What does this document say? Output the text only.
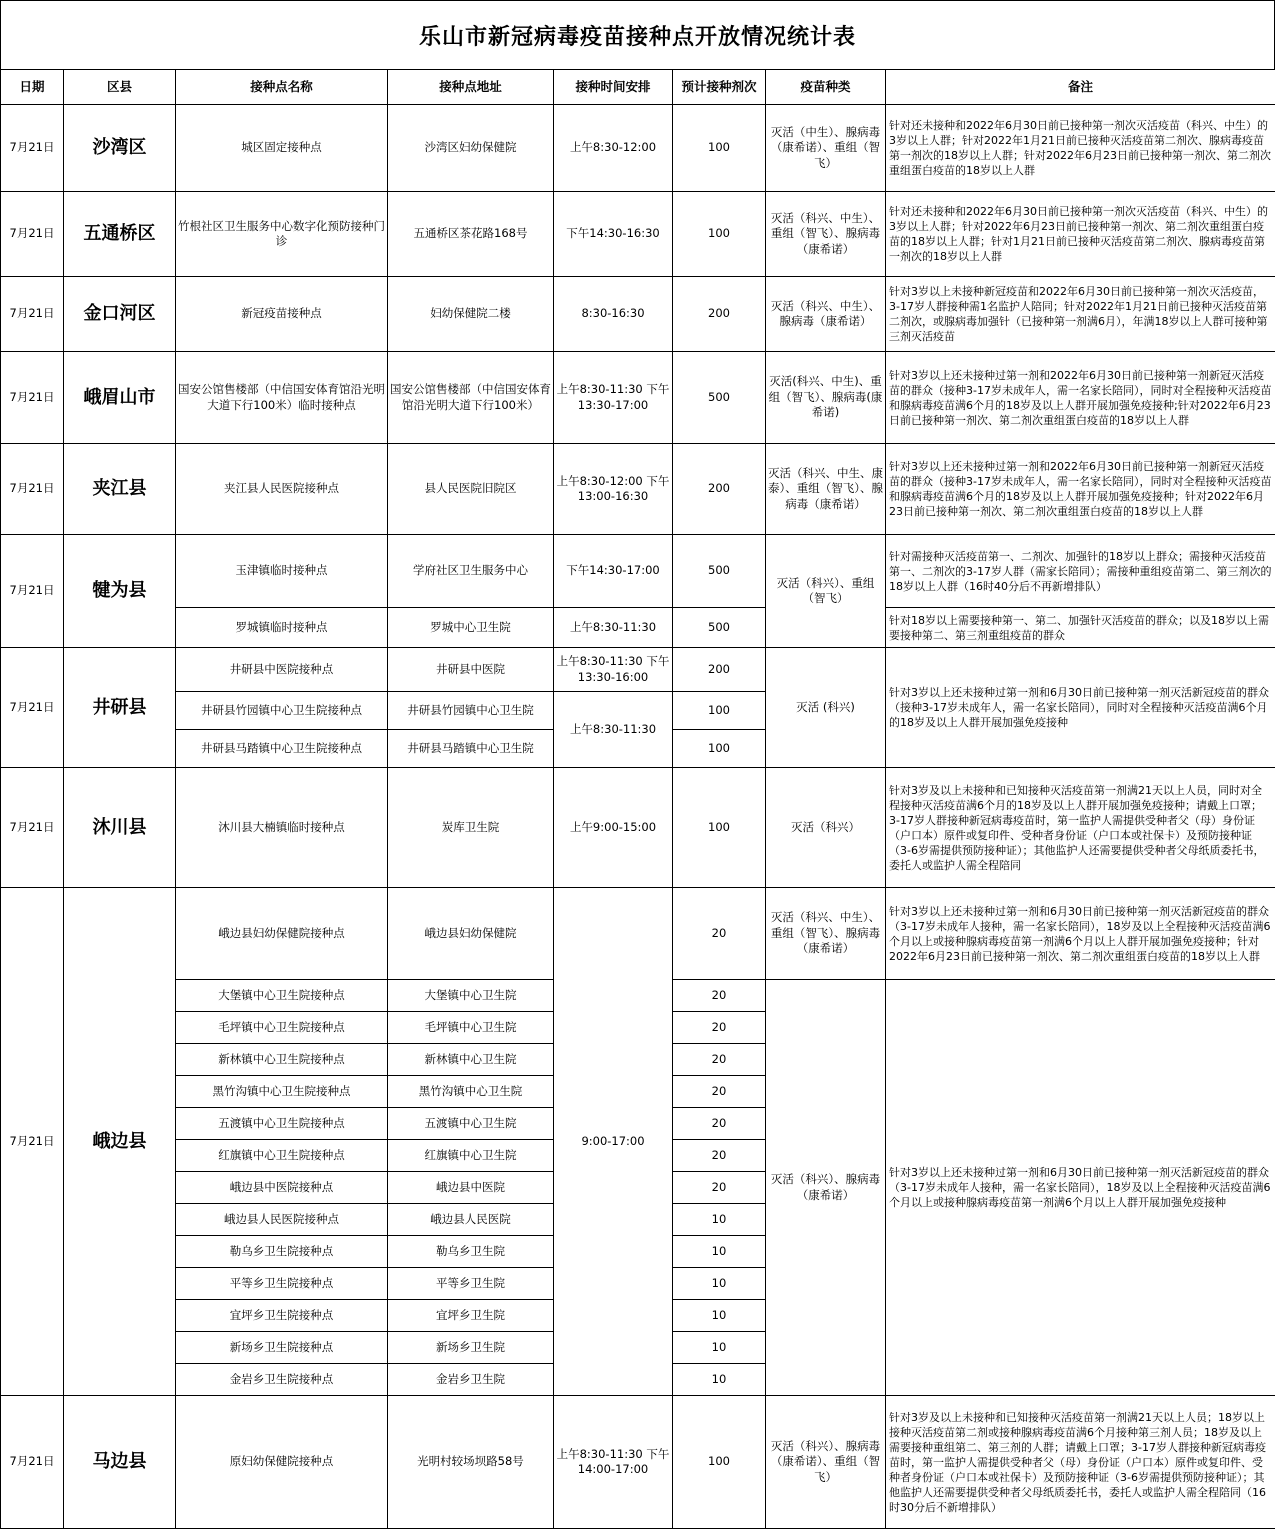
乐山市新冠病毒疫苗接种点开放情况统计表
日期	区县	接种点名称	接种点地址	接种时间安排	预计接种剂次	疫苗种类	备注
7月21日	沙湾区	城区固定接种点	沙湾区妇幼保健院	上午8:30-12:00	100	灭活（中生）、腺病毒（康希诺）、重组（智飞）	针对还未接种和2022年6月30日前已接种第一剂次灭活疫苗（科兴、中生）的3岁以上人群；针对2022年1月21日前已接种灭活疫苗第二剂次、腺病毒疫苗第一剂次的18岁以上人群；针对2022年6月23日前已接种第一剂次、第二剂次重组蛋白疫苗的18岁以上人群
7月21日	五通桥区	竹根社区卫生服务中心数字化预防接种门诊	五通桥区茶花路168号	下午14:30-16:30	100	灭活（科兴、中生）、重组（智飞）、腺病毒（康希诺）	针对还未接种和2022年6月30日前已接种第一剂次灭活疫苗（科兴、中生）的3岁以上人群；针对2022年6月23日前已接种第一剂次、第二剂次重组蛋白疫苗的18岁以上人群；针对1月21日前已接种灭活疫苗第二剂次、腺病毒疫苗第一剂次的18岁以上人群
7月21日	金口河区	新冠疫苗接种点	妇幼保健院二楼	8:30-16:30	200	灭活（科兴、中生）、腺病毒（康希诺）	针对3岁以上未接种新冠疫苗和2022年6月30日前已接种第一剂次灭活疫苗，3-17岁人群接种需1名监护人陪同；针对2022年1月21日前已接种灭活疫苗第二剂次，或腺病毒加强针（已接种第一剂满6月），年满18岁以上人群可接种第三剂灭活疫苗
7月21日	峨眉山市	国安公馆售楼部（中信国安体育馆沿光明大道下行100米）临时接种点	国安公馆售楼部（中信国安体育馆沿光明大道下行100米）	上午8:30-11:30 下午13:30-17:00	500	灭活(科兴、中生)、重组（智飞）、腺病毒(康希诺)	针对3岁以上还未接种过第一剂和2022年6月30日前已接种第一剂新冠灭活疫苗的群众（接种3-17岁未成年人，需一名家长陪同），同时对全程接种灭活疫苗和腺病毒疫苗满6个月的18岁及以上人群开展加强免疫接种;针对2022年6月23日前已接种第一剂次、第二剂次重组蛋白疫苗的18岁以上人群
7月21日	夹江县	夹江县人民医院接种点	县人民医院旧院区	上午8:30-12:00 下午13:00-16:30	200	灭活（科兴、中生、康泰）、重组（智飞）、腺病毒（康希诺）	针对3岁以上还未接种过第一剂和2022年6月30日前已接种第一剂新冠灭活疫苗的群众（接种3-17岁未成年人，需一名家长陪同），同时对全程接种灭活疫苗和腺病毒疫苗满6个月的18岁及以上人群开展加强免疫接种；针对2022年6月23日前已接种第一剂次、第二剂次重组蛋白疫苗的18岁以上人群
7月21日	犍为县	玉津镇临时接种点	学府社区卫生服务中心	下午14:30-17:00	500	灭活（科兴）、重组（智飞）	针对需接种灭活疫苗第一、二剂次、加强针的18岁以上群众；需接种灭活疫苗第一、二剂次的3-17岁人群（需家长陪同）；需接种重组疫苗第二、第三剂次的18岁以上人群（16时40分后不再新增排队）
		罗城镇临时接种点	罗城中心卫生院	上午8:30-11:30	500		针对18岁以上需要接种第一、第二、加强针灭活疫苗的群众；以及18岁以上需要接种第二、第三剂重组疫苗的群众
7月21日	井研县	井研县中医院接种点	井研县中医院	上午8:30-11:30 下午13:30-16:00	200	灭活 (科兴)	针对3岁以上还未接种过第一剂和6月30日前已接种第一剂灭活新冠疫苗的群众（接种3-17岁未成年人，需一名家长陪同），同时对全程接种灭活疫苗满6个月的18岁及以上人群开展加强免疫接种
		井研县竹园镇中心卫生院接种点	井研县竹园镇中心卫生院	上午8:30-11:30	100		
		井研县马踏镇中心卫生院接种点	井研县马踏镇中心卫生院		100		
7月21日	沐川县	沐川县大楠镇临时接种点	炭库卫生院	上午9:00-15:00	100	灭活（科兴）	针对3岁及以上未接种和已知接种灭活疫苗第一剂满21天以上人员，同时对全程接种灭活疫苗满6个月的18岁及以上人群开展加强免疫接种；请戴上口罩；3-17岁人群接种新冠病毒疫苗时，第一监护人需提供受种者父（母）身份证（户口本）原件或复印件、受种者身份证（户口本或社保卡）及预防接种证（3-6岁需提供预防接种证）；其他监护人还需要提供受种者父母纸质委托书，委托人或监护人需全程陪同
7月21日	峨边县	峨边县妇幼保健院接种点	峨边县妇幼保健院	9:00-17:00	20	灭活（科兴、中生）、重组（智飞）、腺病毒（康希诺）	针对3岁以上还未接种过第一剂和6月30日前已接种第一剂灭活新冠疫苗的群众（3-17岁未成年人接种，需一名家长陪同），18岁及以上全程接种灭活疫苗满6个月以上或接种腺病毒疫苗第一剂满6个月以上人群开展加强免疫接种；针对2022年6月23日前已接种第一剂次、第二剂次重组蛋白疫苗的18岁以上人群
		大堡镇中心卫生院接种点	大堡镇中心卫生院		20	灭活（科兴）、腺病毒（康希诺）	针对3岁以上还未接种过第一剂和6月30日前已接种第一剂灭活新冠疫苗的群众（3-17岁未成年人接种，需一名家长陪同），18岁及以上全程接种灭活疫苗满6个月以上或接种腺病毒疫苗第一剂满6个月以上人群开展加强免疫接种
		毛坪镇中心卫生院接种点	毛坪镇中心卫生院		20		
		新林镇中心卫生院接种点	新林镇中心卫生院		20		
		黑竹沟镇中心卫生院接种点	黑竹沟镇中心卫生院		20		
		五渡镇中心卫生院接种点	五渡镇中心卫生院		20		
		红旗镇中心卫生院接种点	红旗镇中心卫生院		20		
		峨边县中医院接种点	峨边县中医院		20		
		峨边县人民医院接种点	峨边县人民医院		10		
		勒乌乡卫生院接种点	勒乌乡卫生院		10		
		平等乡卫生院接种点	平等乡卫生院		10		
		宜坪乡卫生院接种点	宜坪乡卫生院		10		
		新场乡卫生院接种点	新场乡卫生院		10		
		金岩乡卫生院接种点	金岩乡卫生院		10		
7月21日	马边县	原妇幼保健院接种点	光明村较场坝路58号	上午8:30-11:30 下午14:00-17:00	100	灭活（科兴）、腺病毒（康希诺）、重组（智飞）	针对3岁及以上未接种和已知接种灭活疫苗第一剂满21天以上人员；18岁以上接种灭活疫苗第二剂或接种腺病毒疫苗满6个月接种第三剂人员；18岁及以上需要接种重组第二、第三剂的人群；请戴上口罩；3-17岁人群接种新冠病毒疫苗时，第一监护人需提供受种者父（母）身份证（户口本）原件或复印件、受种者身份证（户口本或社保卡）及预防接种证（3-6岁需提供预防接种证）；其他监护人还需要提供受种者父母纸质委托书，委托人或监护人需全程陪同（16时30分后不新增排队）
